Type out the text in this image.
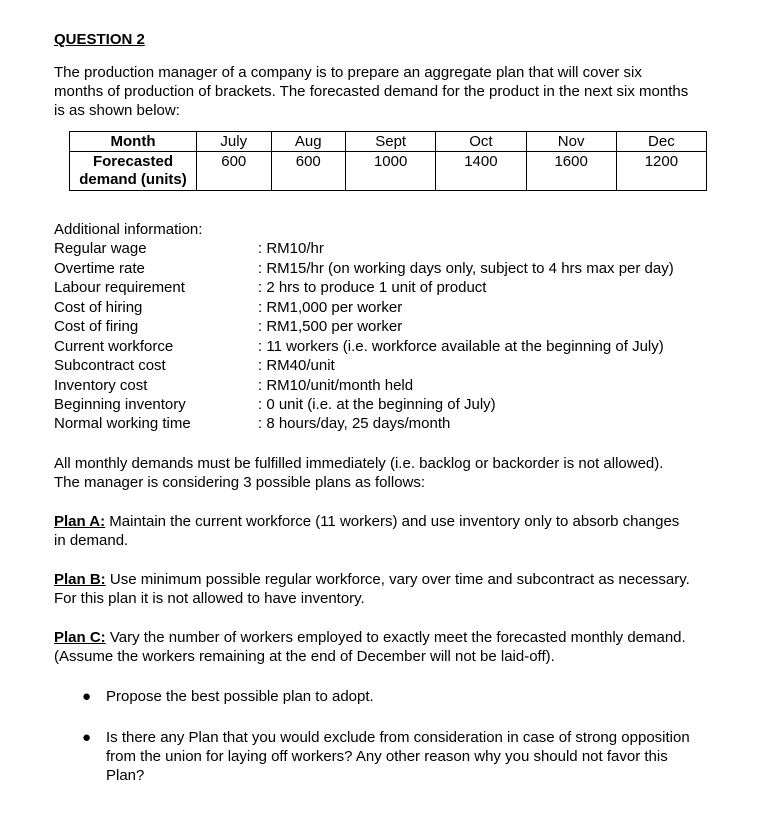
QUESTION 2
The production manager of a company is to prepare an aggregate plan that will cover six
months of production of brackets. The forecasted demand for the product in the next six months
is as shown below:
Month	July	Aug	Sept	Oct	Nov	Dec

Forecasted
demand (units)	600	600	1000	1400	1600	1200
Additional information:
Regular wage	: RM10/hr
Overtime rate	: RM15/hr (on working days only, subject to 4 hrs max per day)
Labour requirement	: 2 hrs to produce 1 unit of product
Cost of hiring	: RM1,000 per worker
Cost of firing	: RM1,500 per worker
Current workforce	: 11 workers (i.e. workforce available at the beginning of July)
Subcontract cost	: RM40/unit
Inventory cost	: RM10/unit/month held
Beginning inventory	: 0 unit (i.e. at the beginning of July)
Normal working time	: 8 hours/day, 25 days/month
All monthly demands must be fulfilled immediately (i.e. backlog or backorder is not allowed).
The manager is considering 3 possible plans as follows:
Plan A: Maintain the current workforce (11 workers) and use inventory only to absorb changes
in demand.
Plan B: Use minimum possible regular workforce, vary over time and subcontract as necessary.
For this plan it is not allowed to have inventory.
Plan C: Vary the number of workers employed to exactly meet the forecasted monthly demand.
(Assume the workers remaining at the end of December will not be laid-off).
● Propose the best possible plan to adopt.
● Is there any Plan that you would exclude from consideration in case of strong opposition
from the union for laying off workers? Any other reason why you should not favor this
Plan?
